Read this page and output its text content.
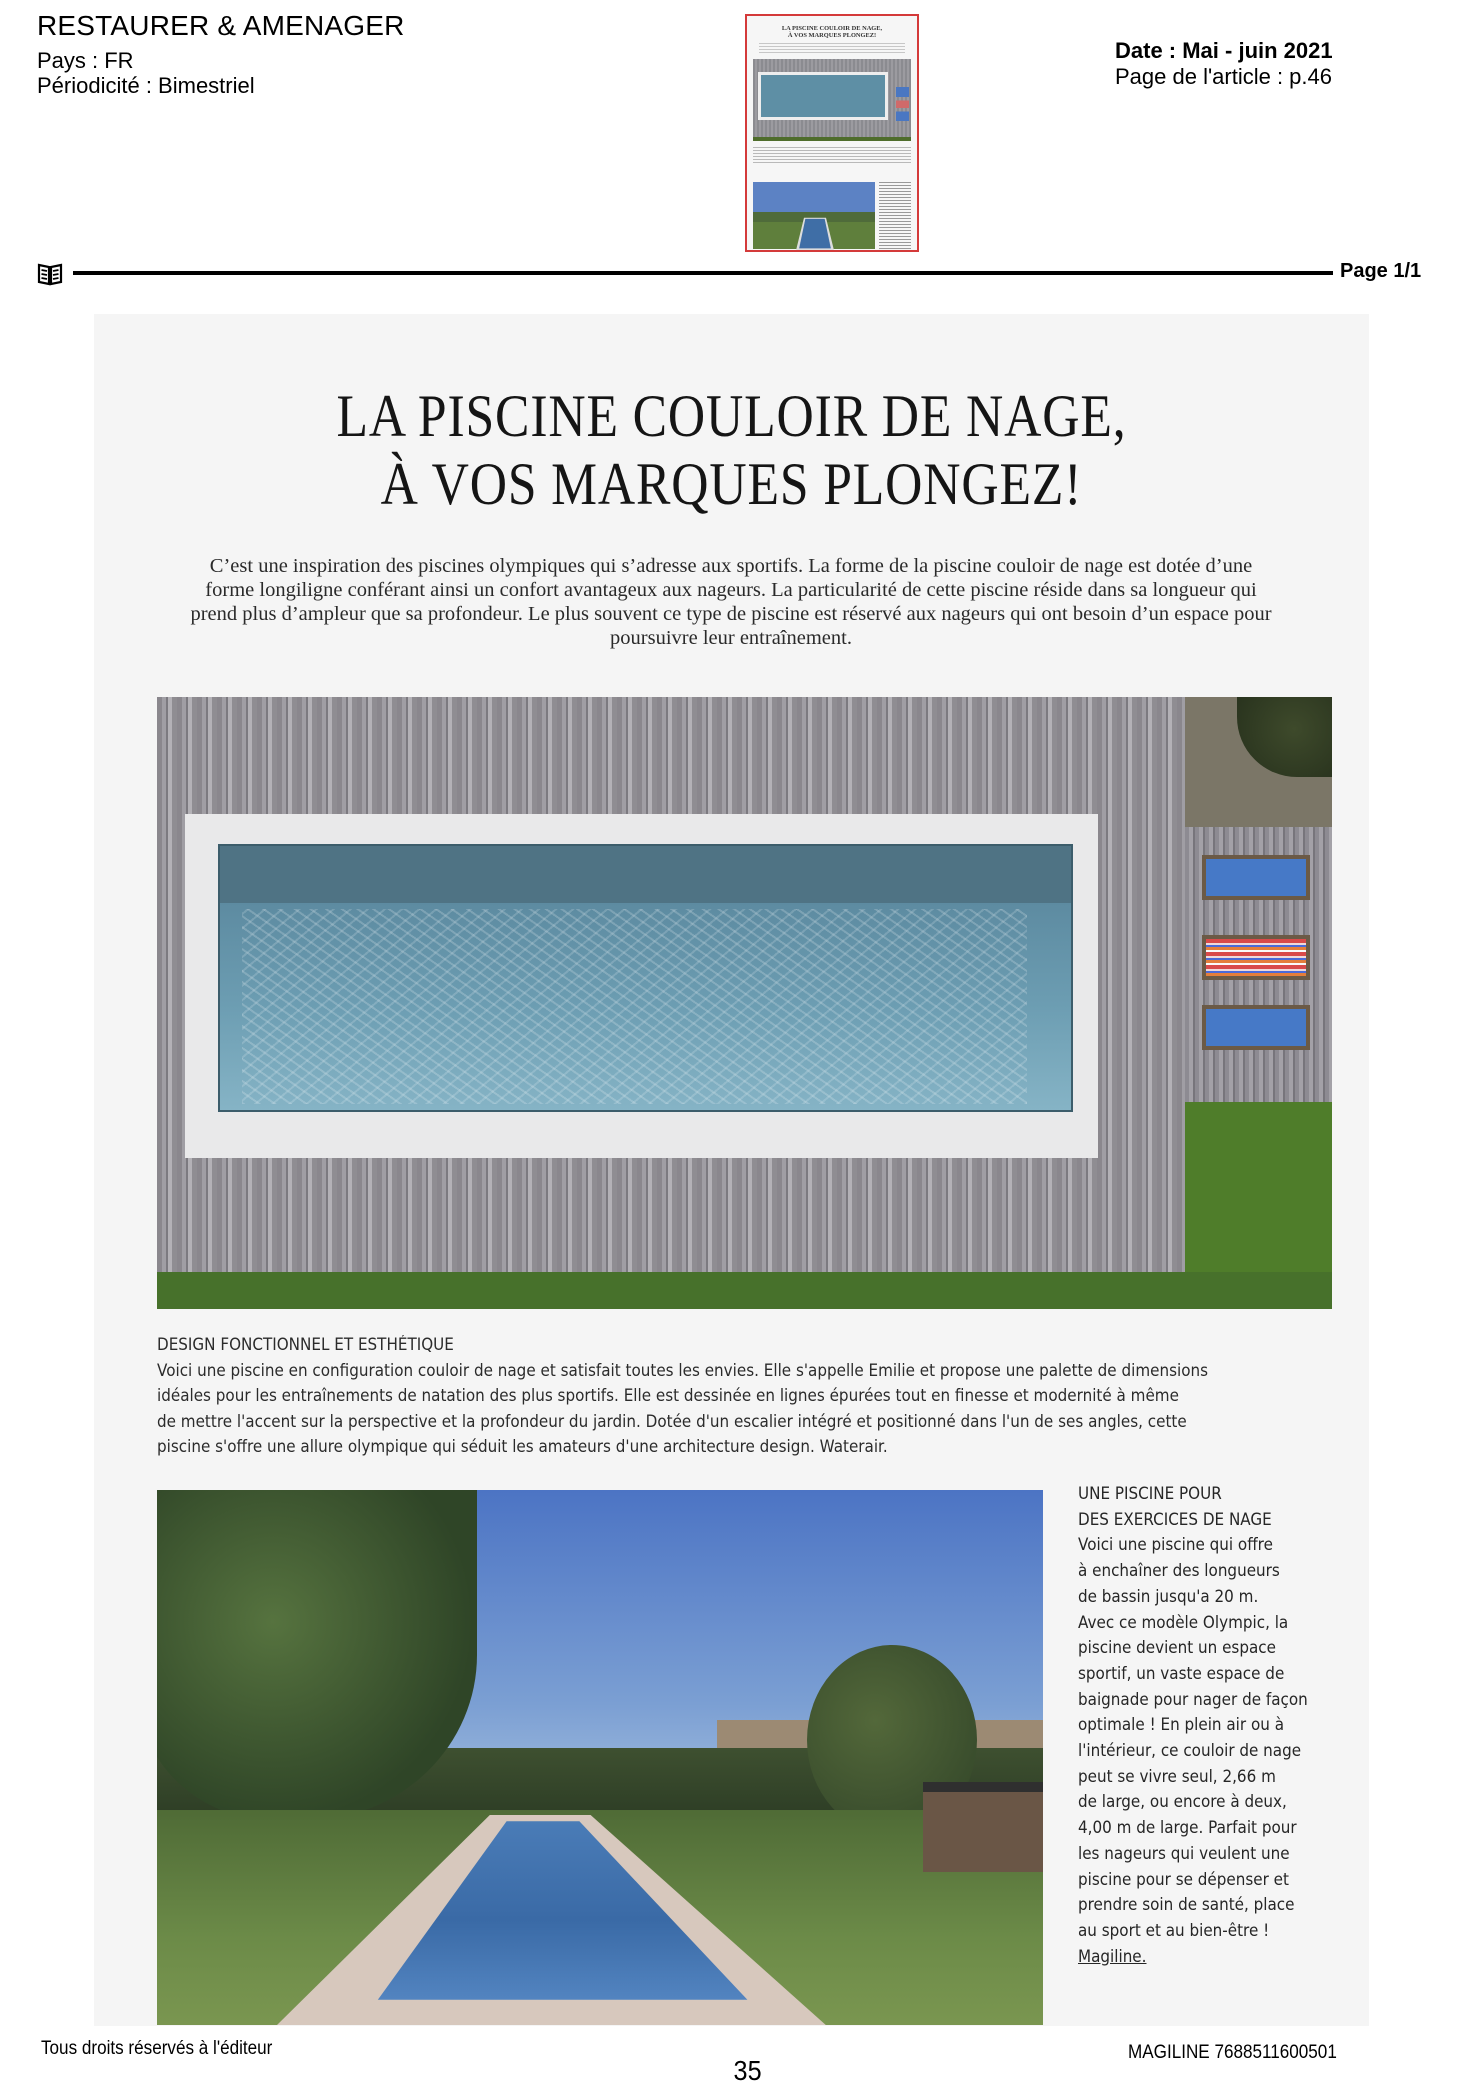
RESTAURER & AMENAGER
Pays : FR
Périodicité : Bimestriel
LA PISCINE COULOIR DE NAGE,
À VOS MARQUES PLONGEZ!
Date : Mai - juin 2021
Page de l'article : p.46
Page 1/1
LA PISCINE COULOIR DE NAGE,
À VOS MARQUES PLONGEZ!
C’est une inspiration des piscines olympiques qui s’adresse aux sportifs. La forme de la piscine couloir de nage est dotée d’une
forme longiligne conférant ainsi un confort avantageux aux nageurs. La particularité de cette piscine réside dans sa longueur qui
prend plus d’ampleur que sa profondeur. Le plus souvent ce type de piscine est réservé aux nageurs qui ont besoin d’un espace pour
poursuivre leur entraînement.
DESIGN FONCTIONNEL ET ESTHÉTIQUE
Voici une piscine en configuration couloir de nage et satisfait toutes les envies. Elle s'appelle Emilie et propose une palette de dimensions
idéales pour les entraînements de natation des plus sportifs. Elle est dessinée en lignes épurées tout en finesse et modernité à même
de mettre l'accent sur la perspective et la profondeur du jardin. Dotée d'un escalier intégré et positionné dans l'un de ses angles, cette
piscine s'offre une allure olympique qui séduit les amateurs d'une architecture design. Waterair.
UNE PISCINE POUR
DES EXERCICES DE NAGE
Voici une piscine qui offre
à enchaîner des longueurs
de bassin jusqu'a 20 m.
Avec ce modèle Olympic, la
piscine devient un espace
sportif, un vaste espace de
baignade pour nager de façon
optimale ! En plein air ou à
l'intérieur, ce couloir de nage
peut se vivre seul, 2,66 m
de large, ou encore à deux,
4,00 m de large. Parfait pour
les nageurs qui veulent une
piscine pour se dépenser et
prendre soin de santé, place
au sport et au bien-être !
Magiline.
Tous droits réservés à l'éditeur
35
MAGILINE 7688511600501
